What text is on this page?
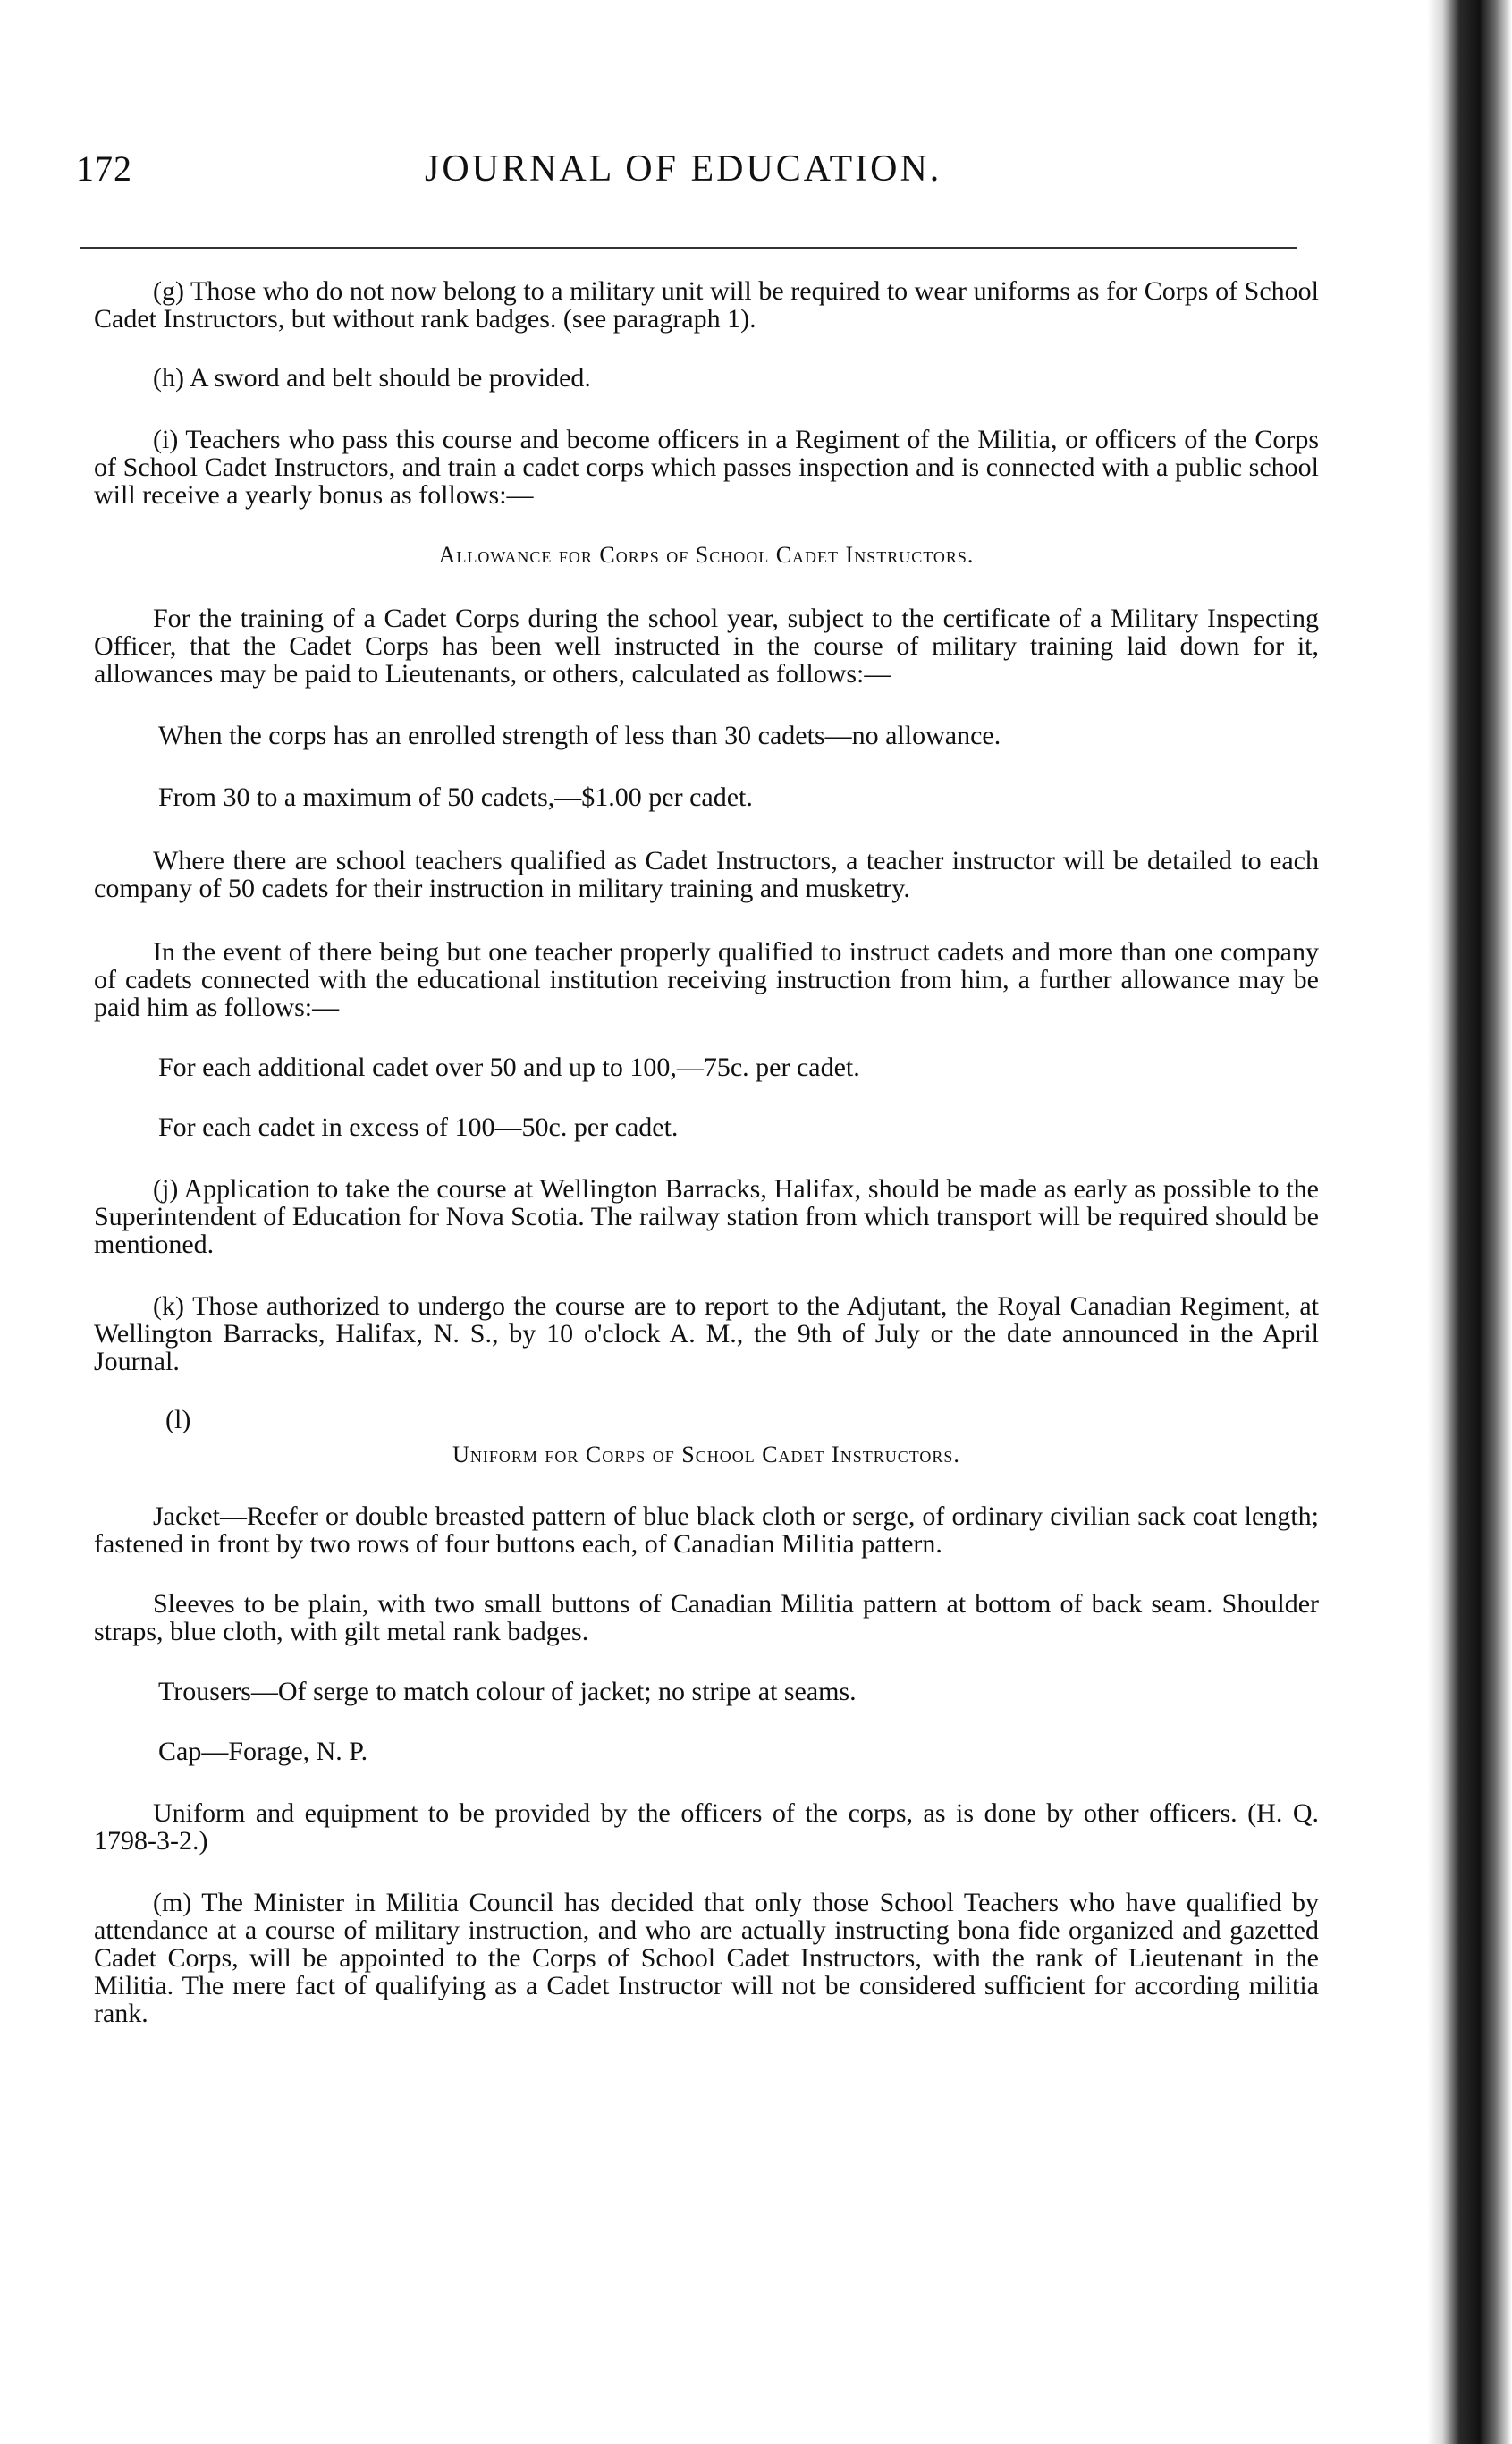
172	JOURNAL OF EDUCATION.

(g) Those who do not now belong to a military unit will be required to wear uniforms as for Corps of School Cadet Instructors, but without rank badges. (see paragraph 1).

(h) A sword and belt should be provided.

(i) Teachers who pass this course and become officers in a Regiment of the Militia, or officers of the Corps of School Cadet Instructors, and train a cadet corps which passes inspection and is connected with a public school will receive a yearly bonus as follows:—

Allowance for Corps of School Cadet Instructors.

For the training of a Cadet Corps during the school year, subject to the certificate of a Military Inspecting Officer, that the Cadet Corps has been well instructed in the course of military training laid down for it, allowances may be paid to Lieutenants, or others, calculated as follows:—

When the corps has an enrolled strength of less than 30 cadets—no allowance.

From 30 to a maximum of 50 cadets,—$1.00 per cadet.

Where there are school teachers qualified as Cadet Instructors, a teacher instructor will be detailed to each company of 50 cadets for their instruction in military training and musketry.

In the event of there being but one teacher properly qualified to instruct cadets and more than one company of cadets connected with the educational institution receiving instruction from him, a further allowance may be paid him as follows:—

For each additional cadet over 50 and up to 100,—75c. per cadet.

For each cadet in excess of 100—50c. per cadet.

(j) Application to take the course at Wellington Barracks, Halifax, should be made as early as possible to the Superintendent of Education for Nova Scotia. The railway station from which transport will be required should be mentioned.

(k) Those authorized to undergo the course are to report to the Adjutant, the Royal Canadian Regiment, at Wellington Barracks, Halifax, N. S., by 10 o'clock A. M., the 9th of July or the date announced in the April Journal.

(l)

Uniform for Corps of School Cadet Instructors.

Jacket—Reefer or double breasted pattern of blue black cloth or serge, of ordinary civilian sack coat length; fastened in front by two rows of four buttons each, of Canadian Militia pattern.

Sleeves to be plain, with two small buttons of Canadian Militia pattern at bottom of back seam. Shoulder straps, blue cloth, with gilt metal rank badges.

Trousers—Of serge to match colour of jacket; no stripe at seams.

Cap—Forage, N. P.

Uniform and equipment to be provided by the officers of the corps, as is done by other officers. (H. Q. 1798-3-2.)

(m) The Minister in Militia Council has decided that only those School Teachers who have qualified by attendance at a course of military instruction, and who are actually instructing bona fide organized and gazetted Cadet Corps, will be appointed to the Corps of School Cadet Instructors, with the rank of Lieutenant in the Militia. The mere fact of qualifying as a Cadet Instructor will not be considered sufficient for according militia rank.
